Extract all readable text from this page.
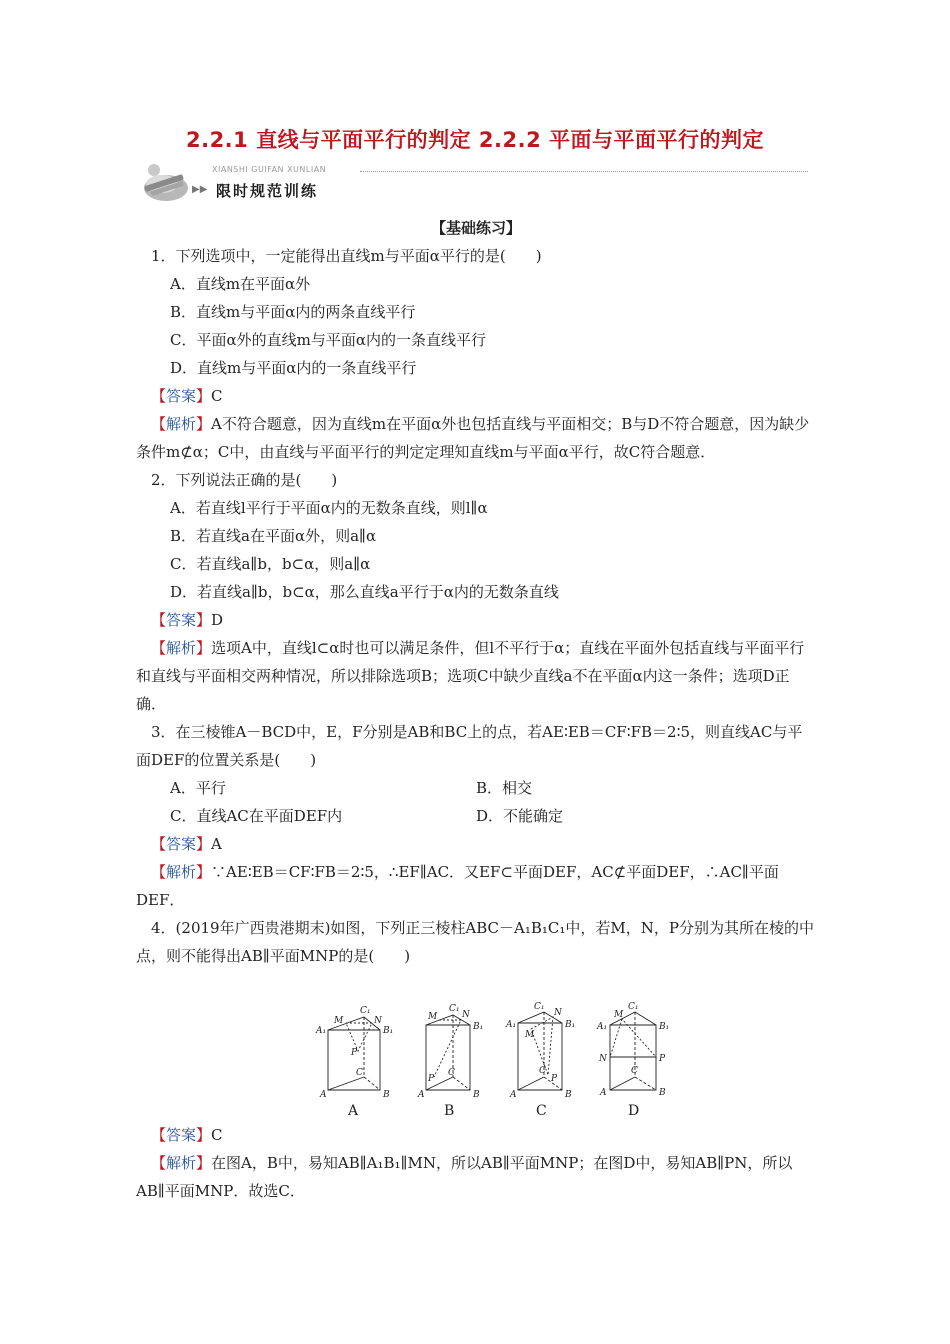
2.2.1 直线与平面平行的判定 2.2.2 平面与平面平行的判定
XIANSHI GUIFAN XUNLIAN
▶▶ 限时规范训练

【基础练习】

1．下列选项中，一定能得出直线m与平面α平行的是(　　)

A．直线m在平面α外

B．直线m与平面α内的两条直线平行

C．平面α外的直线m与平面α内的一条直线平行

D．直线m与平面α内的一条直线平行

【答案】C

【解析】A不符合题意，因为直线m在平面α外也包括直线与平面相交；B与D不符合题意，因为缺少条件m⊄α；C中，由直线与平面平行的判定定理知直线m与平面α平行，故C符合题意．

2．下列说法正确的是(　　)

A．若直线l平行于平面α内的无数条直线，则l∥α

B．若直线a在平面α外，则a∥α

C．若直线a∥b，b⊂α，则a∥α

D．若直线a∥b，b⊂α，那么直线a平行于α内的无数条直线

【答案】D

【解析】选项A中，直线l⊂α时也可以满足条件，但l不平行于α；直线在平面外包括直线与平面平行和直线与平面相交两种情况，所以排除选项B；选项C中缺少直线a不在平面α内这一条件；选项D正确．

3．在三棱锥A－BCD中，E，F分别是AB和BC上的点，若AE∶EB＝CF∶FB＝2∶5，则直线AC与平面DEF的位置关系是(　　)

A．平行	B．相交
C．直线AC在平面DEF内	D．不能确定

【答案】A

【解析】∵AE∶EB＝CF∶FB＝2∶5，∴EF∥AC．又EF⊂平面DEF，AC⊄平面DEF，∴AC∥平面DEF．

4．(2019年广西贵港期末)如图，下列正三棱柱ABC－A₁B₁C₁中，若M，N，P分别为其所在棱的中点，则不能得出AB∥平面MNP的是(　　)

A₁	B₁
C₁
M	N
P
A	B
C
B₁
C₁
M	N
P
A	B
C
A₁	B₁
C₁
M
N
P
A	B
C
A₁	B₁
C₁
M
N	P
A	B
C
A	B	C	D

【答案】C

【解析】在图A，B中，易知AB∥A₁B₁∥MN，所以AB∥平面MNP；在图D中，易知AB∥PN，所以AB∥平面MNP．故选C．
